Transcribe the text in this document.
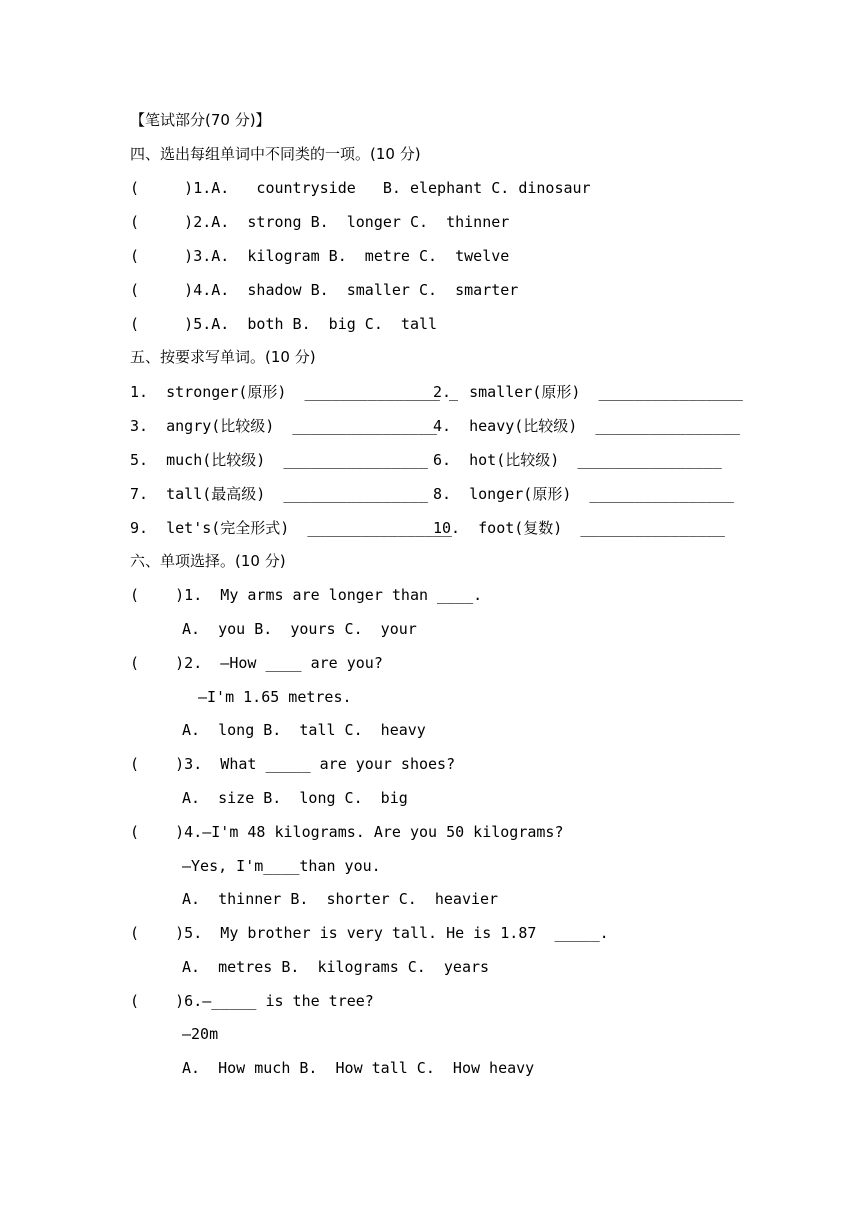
【笔试部分(70 分)】
四、选出每组单词中不同类的一项。(10 分)
(     )1.A.   countryside   B. elephant C. dinosaur
(     )2.A.  strong B.  longer C.  thinner
(     )3.A.  kilogram B.  metre C.  twelve
(     )4.A.  shadow B.  smaller C.  smarter
(     )5.A.  both B.  big C.  tall
五、按要求写单词。(10 分)
1.  stronger(原形)  _______________ _
2.  smaller(原形)  ________________
3.  angry(比较级)  ________________
4.  heavy(比较级)  ________________
5.  much(比较级)  ________________ 6.  hot(比较级)  ________________
7.  tall(最高级)  ________________ 8.  longer(原形)  ________________
9.  let's(完全形式)  ________________
10.  foot(复数)  ________________
六、单项选择。(10 分)
(    )1.  My arms are longer than ____.
A.  you B.  yours C.  your
(    )2.  —How ____ are you?
—I'm 1.65 metres.
A.  long B.  tall C.  heavy
(    )3.  What _____ are your shoes?
A.  size B.  long C.  big
(    )4.—I'm 48 kilograms. Are you 50 kilograms?
—Yes, I'm____than you.
A.  thinner B.  shorter C.  heavier
(    )5.  My brother is very tall. He is 1.87  _____.
A.  metres B.  kilograms C.  years
(    )6.—_____ is the tree?
—20m
A.  How much B.  How tall C.  How heavy
